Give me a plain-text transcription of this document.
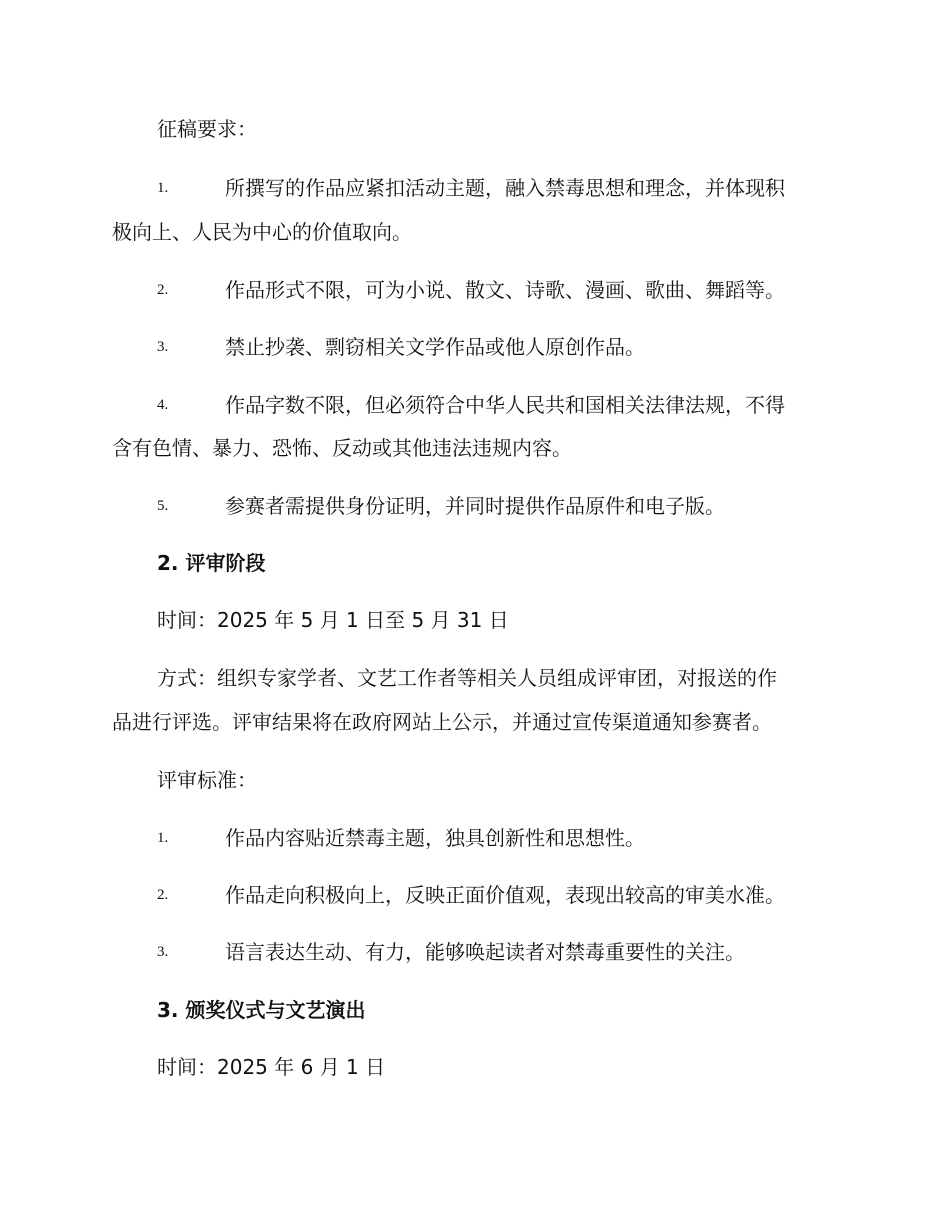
征稿要求：
1.	所撰写的作品应紧扣活动主题，融入禁毒思想和理念，并体现积
极向上、人民为中心的价值取向。
2.	作品形式不限，可为小说、散文、诗歌、漫画、歌曲、舞蹈等。
3.	禁止抄袭、剽窃相关文学作品或他人原创作品。
4.	作品字数不限，但必须符合中华人民共和国相关法律法规，不得
含有色情、暴力、恐怖、反动或其他违法违规内容。
5.	参赛者需提供身份证明，并同时提供作品原件和电子版。
2. 评审阶段
时间：2025 年 5 月 1 日至 5 月 31 日
方式：组织专家学者、文艺工作者等相关人员组成评审团，对报送的作
品进行评选。评审结果将在政府网站上公示，并通过宣传渠道通知参赛者。
评审标准：
1.	作品内容贴近禁毒主题，独具创新性和思想性。
2.	作品走向积极向上，反映正面价值观，表现出较高的审美水准。
3.	语言表达生动、有力，能够唤起读者对禁毒重要性的关注。
3. 颁奖仪式与文艺演出
时间：2025 年 6 月 1 日
